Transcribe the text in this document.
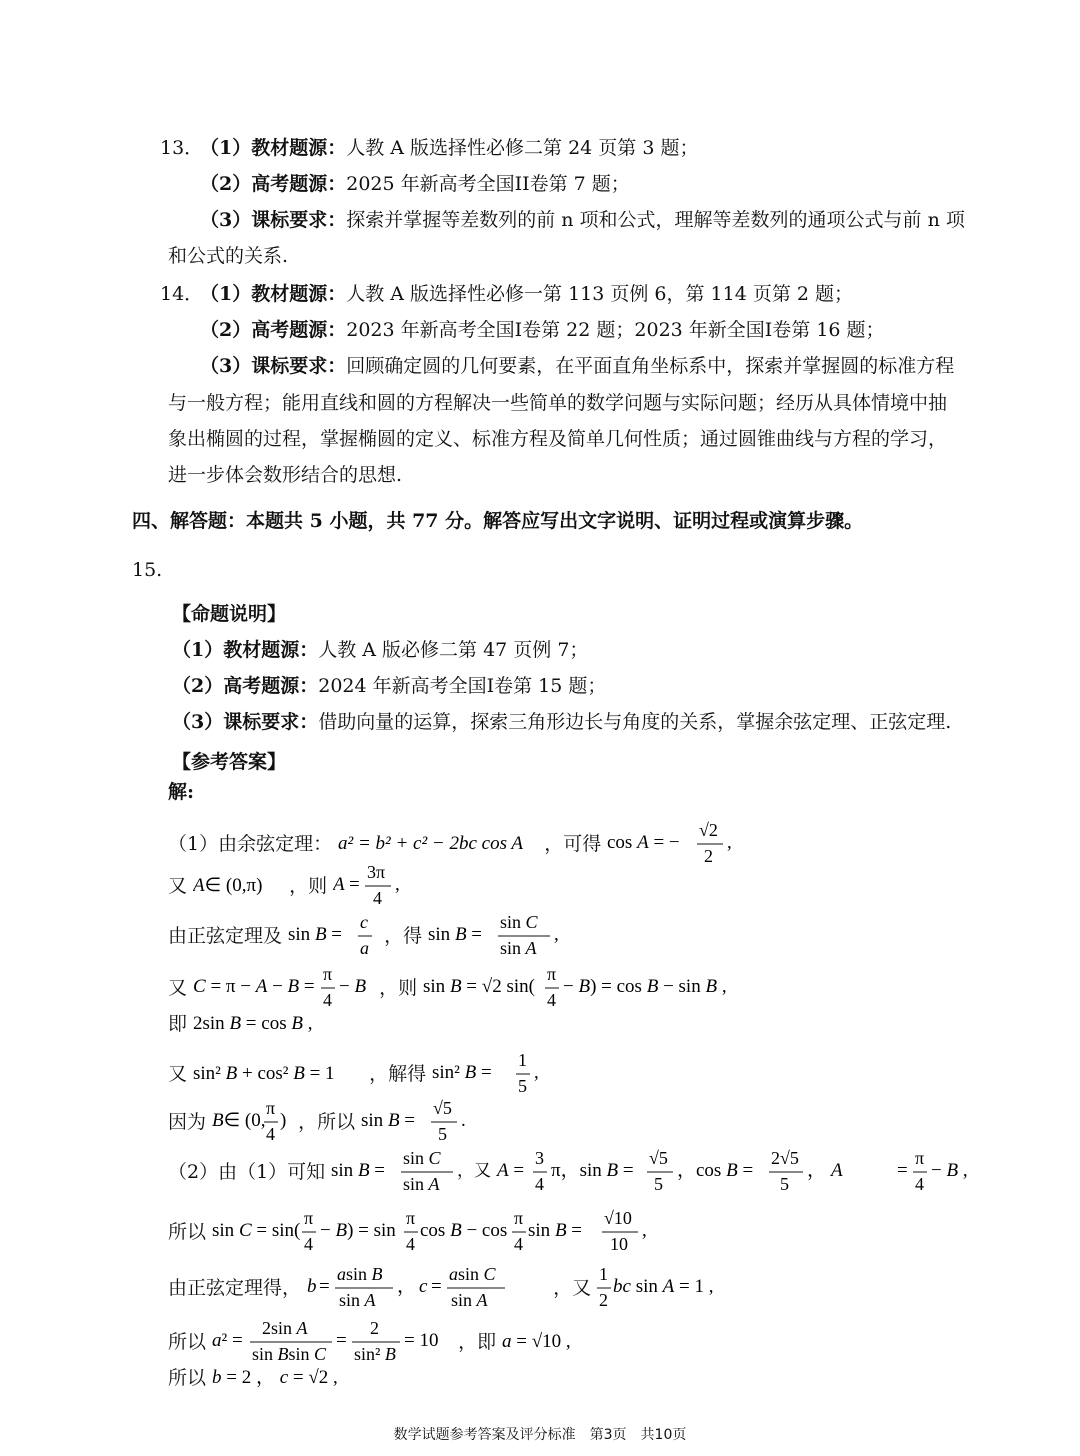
13．
（1）教材题源：人教 A 版选择性必修二第 24 页第 3 题；
（2）高考题源：2025 年新高考全国II卷第 7 题；
（3）课标要求：探索并掌握等差数列的前 n 项和公式，理解等差数列的通项公式与前 n 项
和公式的关系.
14．
（1）教材题源：人教 A 版选择性必修一第 113 页例 6，第 114 页第 2 题；
（2）高考题源：2023 年新高考全国I卷第 22 题；2023 年新全国I卷第 16 题；
（3）课标要求：回顾确定圆的几何要素，在平面直角坐标系中，探索并掌握圆的标准方程
与一般方程；能用直线和圆的方程解决一些简单的数学问题与实际问题；经历从具体情境中抽
象出椭圆的过程，掌握椭圆的定义、标准方程及简单几何性质；通过圆锥曲线与方程的学习，
进一步体会数形结合的思想.
四、解答题：本题共 5 小题，共 77 分。解答应写出文字说明、证明过程或演算步骤。
15.
【命题说明】
（1）教材题源：人教 A 版必修二第 47 页例 7；
（2）高考题源：2024 年新高考全国I卷第 15 题；
（3）课标要求：借助向量的运算，探索三角形边长与角度的关系，掌握余弦定理、正弦定理.
【参考答案】
解:
（1）由余弦定理： a² = b² + c² − 2bc cos A ，可得 cos A = −
√2
2
,
又 A∈ (0,π) ，则 A =
3π
4
,
由正弦定理及 sin B =
c
a
，得 sin B =
sin C
sin A
,
又 C = π − A − B =
π
4
− B ，则 sin B = √2 sin(
π
4
− B) = cos B − sin B ,
即 2sin B = cos B ,
又 sin² B + cos² B = 1 ，解得 sin² B =
1
5
,
因为 B∈ (0,
π
4
) ，所以 sin B =
√5
5
.
（2）由（1）可知 sin B =
sin C
sin A
，又 A =
3
4
π，sin B =
√5
5
，cos B =
2√5
5
， A
	=
π
4
− B ,
所以 sin C = sin(
π
4
− B) = sin
π
4
cos B − cos
π
4
sin B =
√10
10
,
由正弦定理得， b =
asin B
sin A
， c =
asin C
sin A
，又
1
2
bc sin A = 1 ,
所以 a² =
2sin A
sin Bsin C
=
2
sin² B
= 10 ，即 a = √10 ,
所以 b = 2 ， c = √2 ,
数学试题参考答案及评分标准　第3页　共10页
